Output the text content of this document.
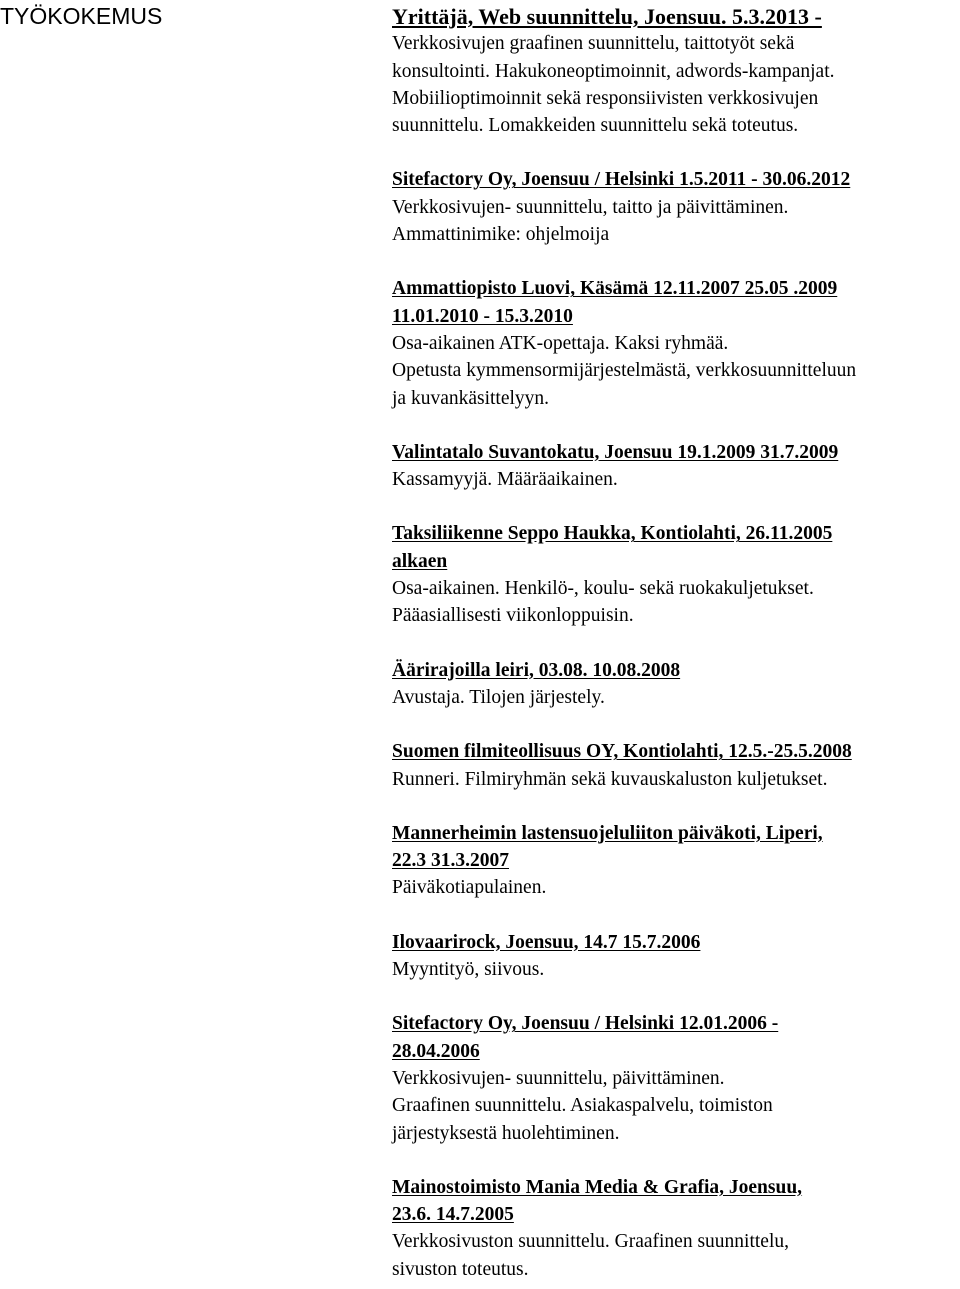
TYÖKOKEMUS	Yrittäjä, Web suunnittelu, Joensuu. 5.3.2013 -
Verkkosivujen graafinen suunnittelu, taittotyöt sekä
konsultointi. Hakukoneoptimoinnit, adwords-kampanjat.
Mobiilioptimoinnit sekä responsiivisten verkkosivujen
suunnittelu. Lomakkeiden suunnittelu sekä toteutus.
Sitefactory Oy, Joensuu / Helsinki 1.5.2011 - 30.06.2012
Verkkosivujen- suunnittelu, taitto ja päivittäminen.
Ammattinimike: ohjelmoija
Ammattiopisto Luovi, Käsämä 12.11.2007 25.05 .2009
11.01.2010 - 15.3.2010
Osa-aikainen ATK-opettaja. Kaksi ryhmää.
Opetusta kymmensormijärjestelmästä, verkkosuunnitteluun
ja kuvankäsittelyyn.
Valintatalo Suvantokatu, Joensuu 19.1.2009 31.7.2009
Kassamyyjä. Määräaikainen.
Taksiliikenne Seppo Haukka, Kontiolahti, 26.11.2005
alkaen
Osa-aikainen. Henkilö-, koulu- sekä ruokakuljetukset.
Pääasiallisesti viikonloppuisin.
Äärirajoilla leiri, 03.08. 10.08.2008
Avustaja. Tilojen järjestely.
Suomen filmiteollisuus OY, Kontiolahti, 12.5.-25.5.2008
Runneri. Filmiryhmän sekä kuvauskaluston kuljetukset.
Mannerheimin lastensuojeluliiton päiväkoti, Liperi,
22.3 31.3.2007
Päiväkotiapulainen.
Ilovaarirock, Joensuu, 14.7 15.7.2006
Myyntityö, siivous.
Sitefactory Oy, Joensuu / Helsinki 12.01.2006 -
28.04.2006
Verkkosivujen- suunnittelu, päivittäminen.
Graafinen suunnittelu. Asiakaspalvelu, toimiston
järjestyksestä huolehtiminen.
Mainostoimisto Mania Media & Grafia, Joensuu,
23.6. 14.7.2005
Verkkosivuston suunnittelu. Graafinen suunnittelu,
sivuston toteutus.
